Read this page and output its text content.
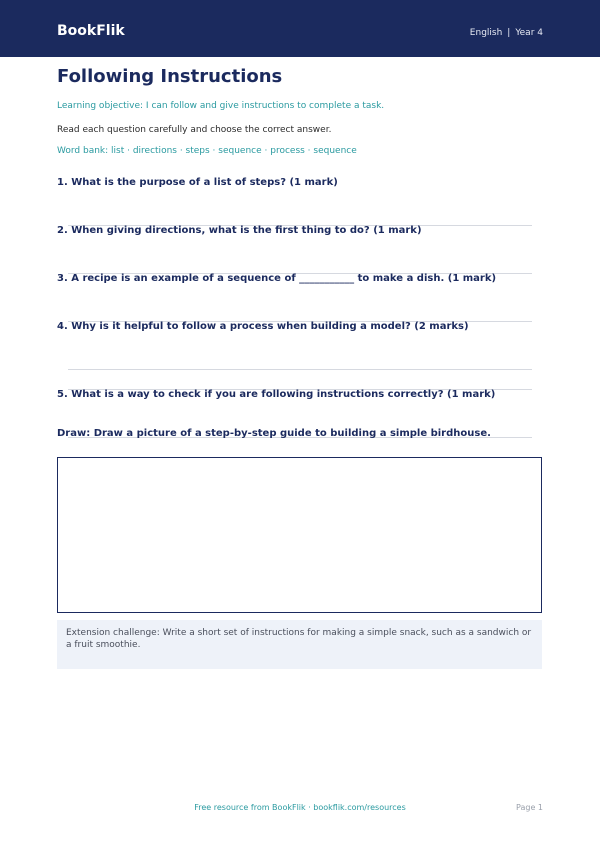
BookFlik	English | Year 4
Following Instructions
Learning objective: I can follow and give instructions to complete a task.
Read each question carefully and choose the correct answer.
Word bank: list · directions · steps · sequence · process · sequence
1. What is the purpose of a list of steps? (1 mark)
2. When giving directions, what is the first thing to do? (1 mark)
3. A recipe is an example of a sequence of ___________ to make a dish. (1 mark)
4. Why is it helpful to follow a process when building a model? (2 marks)
5. What is a way to check if you are following instructions correctly? (1 mark)
Draw: Draw a picture of a step-by-step guide to building a simple birdhouse.
Extension challenge: Write a short set of instructions for making a simple snack, such as a sandwich or a fruit smoothie.
Free resource from BookFlik · bookflik.com/resources	Page 1
